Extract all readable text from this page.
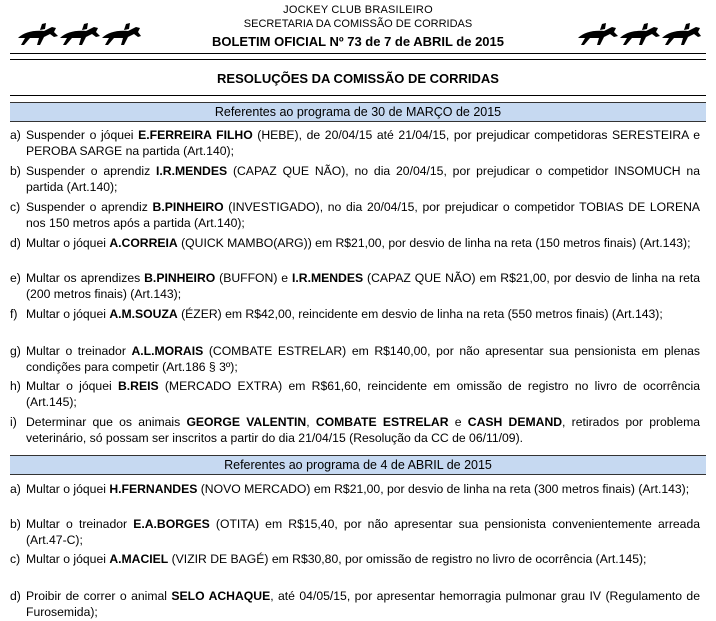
JOCKEY CLUB BRASILEIRO
SECRETARIA DA COMISSÃO DE CORRIDAS
BOLETIM OFICIAL Nº 73 de 7 de ABRIL de 2015
RESOLUÇÕES DA COMISSÃO DE CORRIDAS
Referentes ao programa de 30 de MARÇO de 2015
a) Suspender o jóquei E.FERREIRA FILHO (HEBE), de 20/04/15 até 21/04/15, por prejudicar competidoras SERESTEIRA e PEROBA SARGE na partida (Art.140);
b) Suspender o aprendiz I.R.MENDES (CAPAZ QUE NÃO), no dia 20/04/15, por prejudicar o competidor INSOMUCH na partida (Art.140);
c) Suspender o aprendiz B.PINHEIRO (INVESTIGADO), no dia 20/04/15, por prejudicar o competidor TOBIAS DE LORENA nos 150 metros após a partida (Art.140);
d) Multar o jóquei A.CORREIA (QUICK MAMBO(ARG)) em R$21,00, por desvio de linha na reta (150 metros finais) (Art.143);
e) Multar os aprendizes B.PINHEIRO (BUFFON) e I.R.MENDES (CAPAZ QUE NÃO) em R$21,00, por desvio de linha na reta (200 metros finais) (Art.143);
f) Multar o jóquei A.M.SOUZA (ÉZER) em R$42,00, reincidente em desvio de linha na reta (550 metros finais) (Art.143);
g) Multar o treinador A.L.MORAIS (COMBATE ESTRELAR) em R$140,00, por não apresentar sua pensionista em plenas condições para competir (Art.186 § 3º);
h) Multar o jóquei B.REIS (MERCADO EXTRA) em R$61,60, reincidente em omissão de registro no livro de ocorrência (Art.145);
i) Determinar que os animais GEORGE VALENTIN, COMBATE ESTRELAR e CASH DEMAND, retirados por problema veterinário, só possam ser inscritos a partir do dia 21/04/15 (Resolução da CC de 06/11/09).
Referentes ao programa de 4 de ABRIL de 2015
a) Multar o jóquei H.FERNANDES (NOVO MERCADO) em R$21,00, por desvio de linha na reta (300 metros finais) (Art.143);
b) Multar o treinador E.A.BORGES (OTITA) em R$15,40, por não apresentar sua pensionista convenientemente arreada (Art.47-C);
c) Multar o jóquei A.MACIEL (VIZIR DE BAGÉ) em R$30,80, por omissão de registro no livro de ocorrência (Art.145);
d) Proibir de correr o animal SELO ACHAQUE, até 04/05/15, por apresentar hemorragia pulmonar grau IV (Regulamento de Furosemida);
